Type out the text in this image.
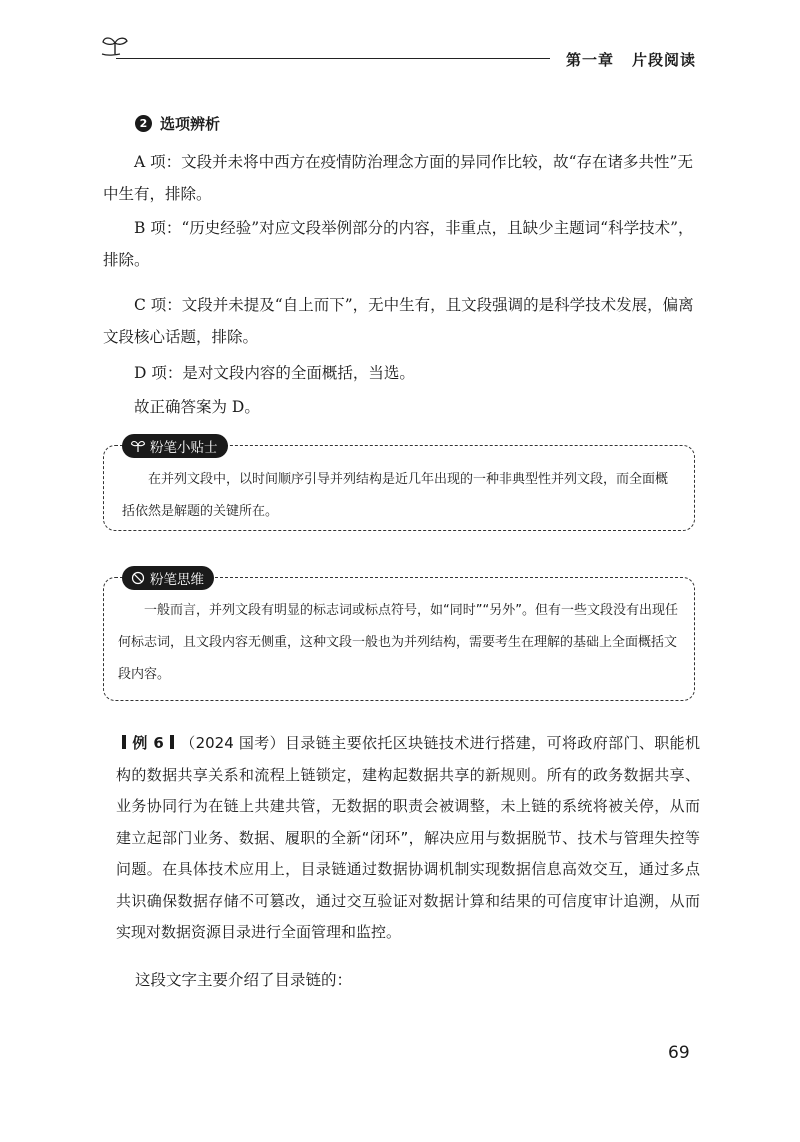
第一章 片段阅读
2 选项辨析

A 项：文段并未将中西方在疫情防治理念方面的异同作比较，故“存在诸多共性”无中生有，排除。

B 项：“历史经验”对应文段举例部分的内容，非重点，且缺少主题词“科学技术”，排除。

C 项：文段并未提及“自上而下”，无中生有，且文段强调的是科学技术发展，偏离文段核心话题，排除。

D 项：是对文段内容的全面概括，当选。

故正确答案为 D。

粉笔小贴士

在并列文段中，以时间顺序引导并列结构是近几年出现的一种非典型性并列文段，而全面概括依然是解题的关键所在。

粉笔思维

一般而言，并列文段有明显的标志词或标点符号，如“同时”“另外”。但有一些文段没有出现任何标志词，且文段内容无侧重，这种文段一般也为并列结构，需要考生在理解的基础上全面概括文段内容。

例 6 （2024 国考）目录链主要依托区块链技术进行搭建，可将政府部门、职能机构的数据共享关系和流程上链锁定，建构起数据共享的新规则。所有的政务数据共享、业务协同行为在链上共建共管，无数据的职责会被调整，未上链的系统将被关停，从而建立起部门业务、数据、履职的全新“闭环”，解决应用与数据脱节、技术与管理失控等问题。在具体技术应用上，目录链通过数据协调机制实现数据信息高效交互，通过多点共识确保数据存储不可篡改，通过交互验证对数据计算和结果的可信度审计追溯，从而实现对数据资源目录进行全面管理和监控。

这段文字主要介绍了目录链的：

69
